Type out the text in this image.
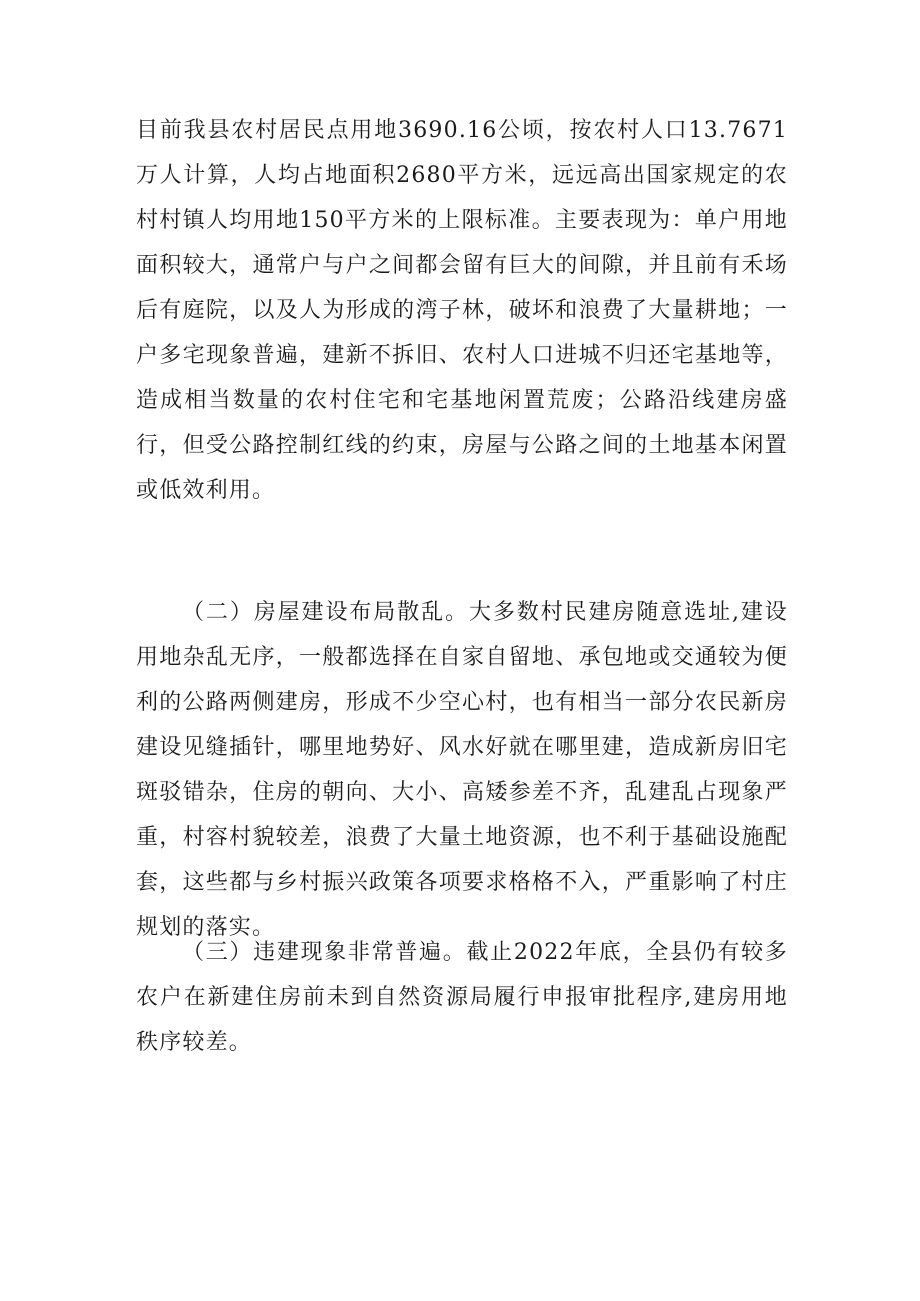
目前我县农村居民点用地3690.16公顷，按农村人口13.7671万人计算，人均占地面积2680平方米，远远高出国家规定的农村村镇人均用地150平方米的上限标准。主要表现为：单户用地面积较大，通常户与户之间都会留有巨大的间隙，并且前有禾场后有庭院，以及人为形成的湾子林，破坏和浪费了大量耕地；一户多宅现象普遍，建新不拆旧、农村人口进城不归还宅基地等，造成相当数量的农村住宅和宅基地闲置荒废；公路沿线建房盛行，但受公路控制红线的约束，房屋与公路之间的土地基本闲置或低效利用。

（二）房屋建设布局散乱。大多数村民建房随意选址,建设用地杂乱无序，一般都选择在自家自留地、承包地或交通较为便利的公路两侧建房，形成不少空心村，也有相当一部分农民新房建设见缝插针，哪里地势好、风水好就在哪里建，造成新房旧宅斑驳错杂，住房的朝向、大小、高矮参差不齐，乱建乱占现象严重，村容村貌较差，浪费了大量土地资源，也不利于基础设施配套，这些都与乡村振兴政策各项要求格格不入，严重影响了村庄规划的落实。

（三）违建现象非常普遍。截止2022年底，全县仍有较多农户在新建住房前未到自然资源局履行申报审批程序,建房用地秩序较差。
